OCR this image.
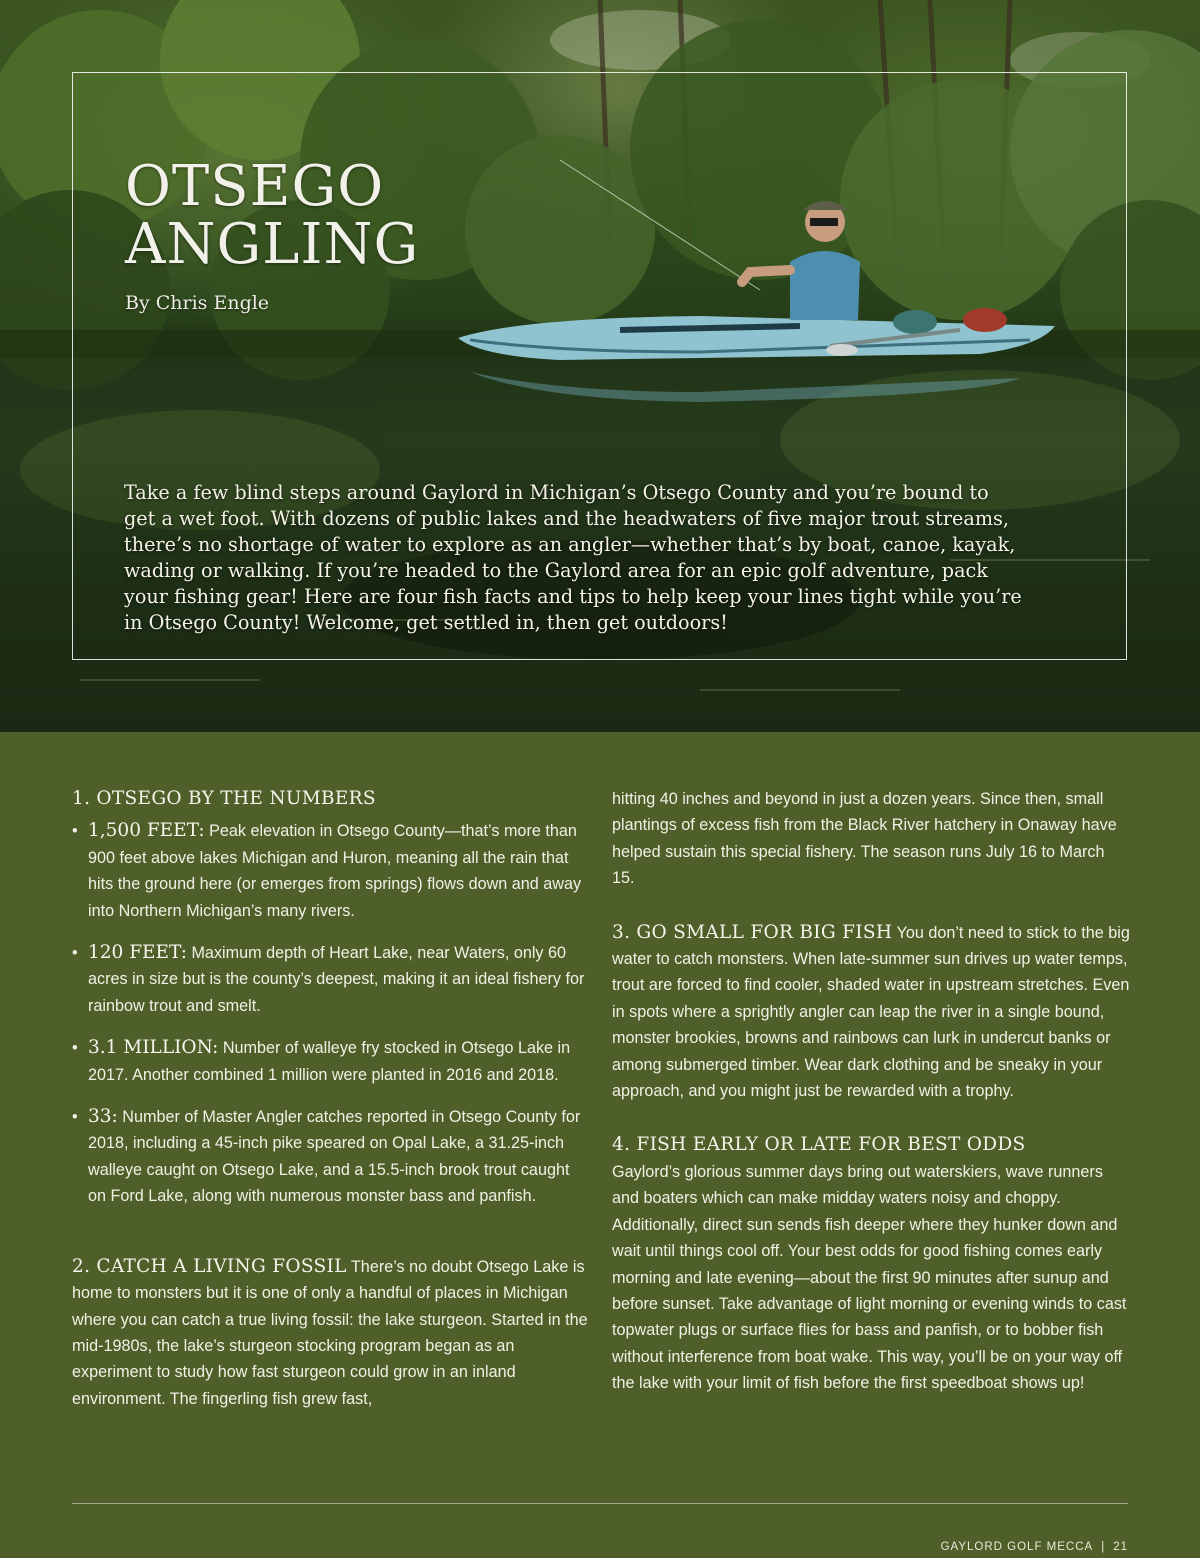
OTSEGO
ANGLING
By Chris Engle

Take a few blind steps around Gaylord in Michigan’s Otsego County and you’re bound to get a wet foot. With dozens of public lakes and the headwaters of five major trout streams, there’s no shortage of water to explore as an angler—whether that’s by boat, canoe, kayak, wading or walking. If you’re headed to the Gaylord area for an epic golf adventure, pack your fishing gear! Here are four fish facts and tips to help keep your lines tight while you’re in Otsego County! Welcome, get settled in, then get outdoors!

1. OTSEGO BY THE NUMBERS
• 1,500 FEET: Peak elevation in Otsego County—that’s more than 900 feet above lakes Michigan and Huron, meaning all the rain that hits the ground here (or emerges from springs) flows down and away into Northern Michigan’s many rivers.
• 120 FEET: Maximum depth of Heart Lake, near Waters, only 60 acres in size but is the county’s deepest, making it an ideal fishery for rainbow trout and smelt.
• 3.1 MILLION: Number of walleye fry stocked in Otsego Lake in 2017. Another combined 1 million were planted in 2016 and 2018.
• 33: Number of Master Angler catches reported in Otsego County for 2018, including a 45-inch pike speared on Opal Lake, a 31.25-inch walleye caught on Otsego Lake, and a 15.5-inch brook trout caught on Ford Lake, along with numerous monster bass and panfish.

2. CATCH A LIVING FOSSIL There’s no doubt Otsego Lake is home to monsters but it is one of only a handful of places in Michigan where you can catch a true living fossil: the lake sturgeon. Started in the mid-1980s, the lake’s sturgeon stocking program began as an experiment to study how fast sturgeon could grow in an inland environment. The fingerling fish grew fast,

hitting 40 inches and beyond in just a dozen years. Since then, small plantings of excess fish from the Black River hatchery in Onaway have helped sustain this special fishery. The season runs July 16 to March 15.

3. GO SMALL FOR BIG FISH You don’t need to stick to the big water to catch monsters. When late-summer sun drives up water temps, trout are forced to find cooler, shaded water in upstream stretches. Even in spots where a sprightly angler can leap the river in a single bound, monster brookies, browns and rainbows can lurk in undercut banks or among submerged timber. Wear dark clothing and be sneaky in your approach, and you might just be rewarded with a trophy.

4. FISH EARLY OR LATE FOR BEST ODDS

Gaylord’s glorious summer days bring out waterskiers, wave runners and boaters which can make midday waters noisy and choppy. Additionally, direct sun sends fish deeper where they hunker down and wait until things cool off. Your best odds for good fishing comes early morning and late evening—about the first 90 minutes after sunup and before sunset. Take advantage of light morning or evening winds to cast topwater plugs or surface flies for bass and panfish, or to bobber fish without interference from boat wake. This way, you’ll be on your way off the lake with your limit of fish before the first speedboat shows up!

GAYLORD GOLF MECCA | 21
